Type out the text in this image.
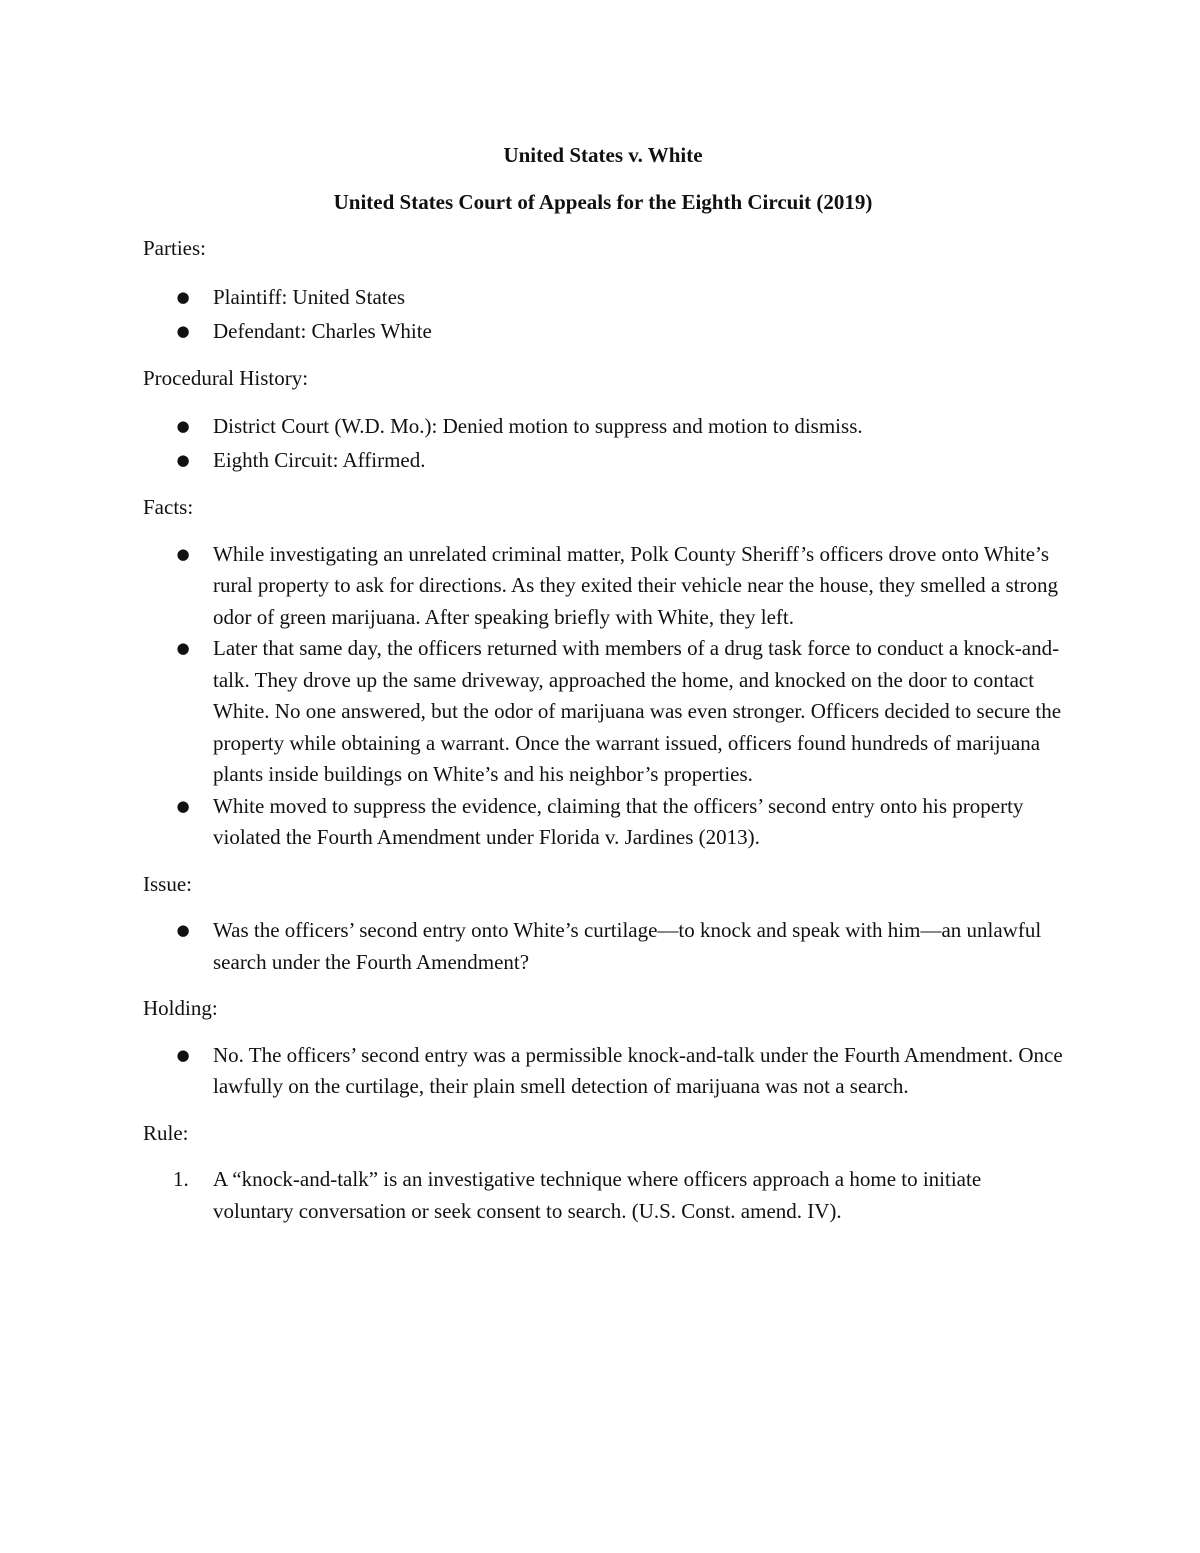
United States v. White

United States Court of Appeals for the Eighth Circuit (2019)

Parties:

● Plaintiff: United States
● Defendant: Charles White

Procedural History:

● District Court (W.D. Mo.): Denied motion to suppress and motion to dismiss.
● Eighth Circuit: Affirmed.

Facts:

● While investigating an unrelated criminal matter, Polk County Sheriff’s officers drove onto White’s rural property to ask for directions. As they exited their vehicle near the house, they smelled a strong odor of green marijuana. After speaking briefly with White, they left.
● Later that same day, the officers returned with members of a drug task force to conduct a knock-and-talk. They drove up the same driveway, approached the home, and knocked on the door to contact White. No one answered, but the odor of marijuana was even stronger. Officers decided to secure the property while obtaining a warrant. Once the warrant issued, officers found hundreds of marijuana plants inside buildings on White’s and his neighbor’s properties.
● White moved to suppress the evidence, claiming that the officers’ second entry onto his property violated the Fourth Amendment under Florida v. Jardines (2013).

Issue:

● Was the officers’ second entry onto White’s curtilage—to knock and speak with him—an unlawful search under the Fourth Amendment?

Holding:

● No. The officers’ second entry was a permissible knock-and-talk under the Fourth Amendment. Once lawfully on the curtilage, their plain smell detection of marijuana was not a search.

Rule:

1. A “knock-and-talk” is an investigative technique where officers approach a home to initiate voluntary conversation or seek consent to search. (U.S. Const. amend. IV).
